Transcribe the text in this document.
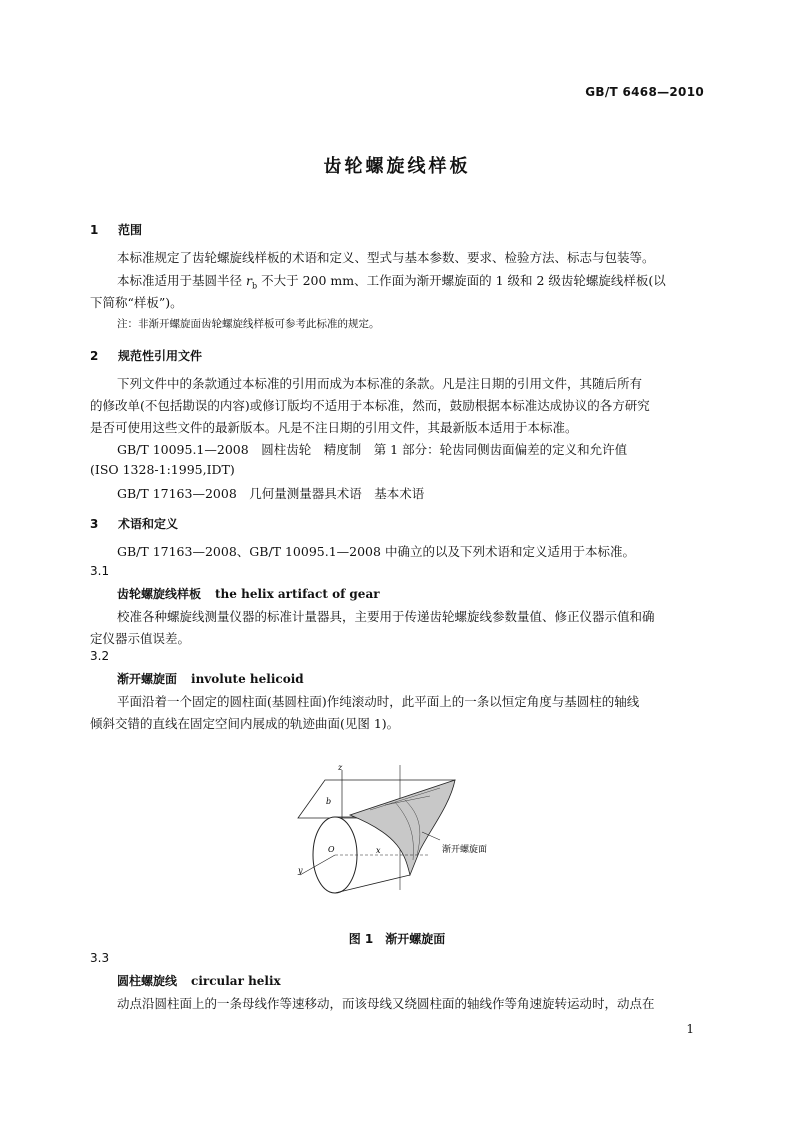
GB/T 6468—2010
齿轮螺旋线样板
1 范围
本标准规定了齿轮螺旋线样板的术语和定义、型式与基本参数、要求、检验方法、标志与包装等。
本标准适用于基圆半径 $r_b$ 不大于 200 mm、工作面为渐开螺旋面的 1 级和 2 级齿轮螺旋线样板(以
下简称“样板”)。
注：非渐开螺旋面齿轮螺旋线样板可参考此标准的规定。
2 规范性引用文件
下列文件中的条款通过本标准的引用而成为本标准的条款。凡是注日期的引用文件，其随后所有
的修改单(不包括勘误的内容)或修订版均不适用于本标准，然而，鼓励根据本标准达成协议的各方研究
是否可使用这些文件的最新版本。凡是不注日期的引用文件，其最新版本适用于本标准。
GB/T 10095.1—2008　圆柱齿轮　精度制　第 1 部分：轮齿同侧齿面偏差的定义和允许值
(ISO 1328-1:1995,IDT)
GB/T 17163—2008　几何量测量器具术语　基本术语
3 术语和定义
GB/T 17163—2008、GB/T 10095.1—2008 中确立的以及下列术语和定义适用于本标准。
3.1
齿轮螺旋线样板 the helix artifact of gear
校准各种螺旋线测量仪器的标准计量器具，主要用于传递齿轮螺旋线参数量值、修正仪器示值和确
定仪器示值误差。
3.2
渐开螺旋面 involute helicoid
平面沿着一个固定的圆柱面(基圆柱面)作纯滚动时，此平面上的一条以恒定角度与基圆柱的轴线
倾斜交错的直线在固定空间内展成的轨迹曲面(见图 1)。
z
b
O	x
y
渐开螺旋面
图 1　渐开螺旋面
3.3
圆柱螺旋线 circular helix
动点沿圆柱面上的一条母线作等速移动，而该母线又绕圆柱面的轴线作等角速旋转运动时，动点在
1
